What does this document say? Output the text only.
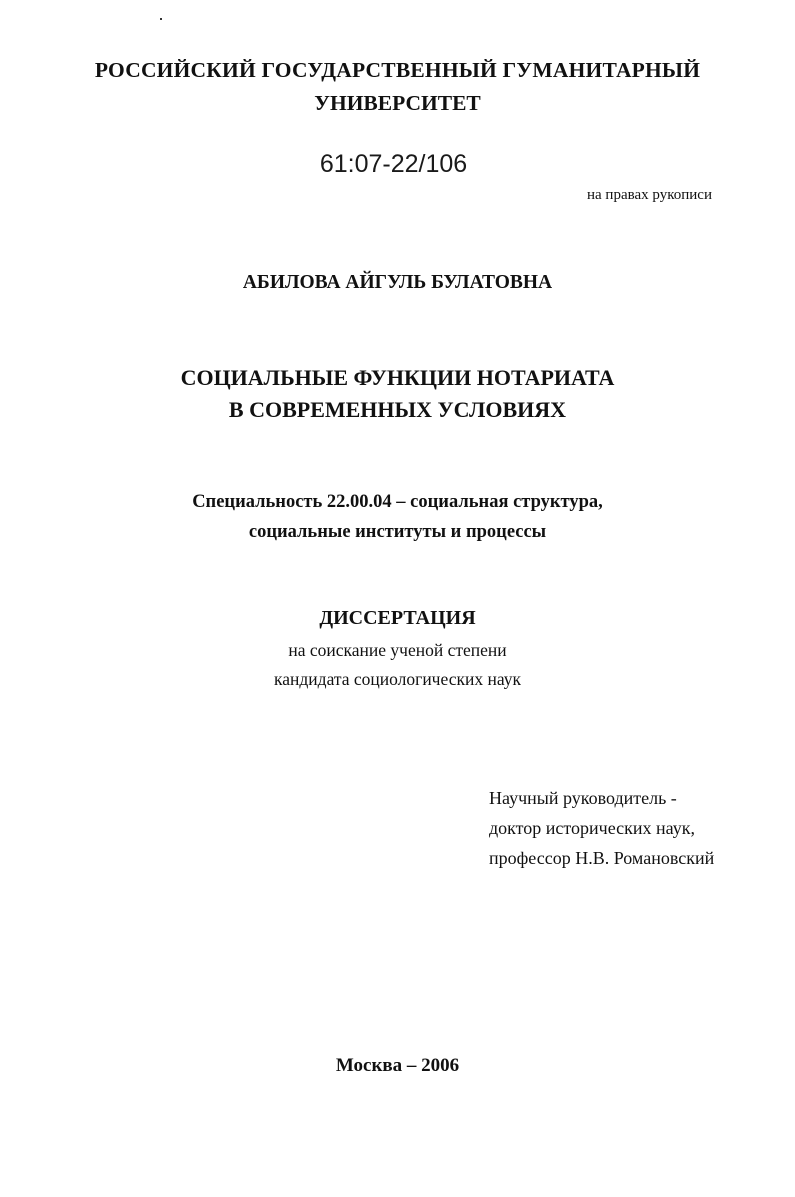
РОССИЙСКИЙ ГОСУДАРСТВЕННЫЙ ГУМАНИТАРНЫЙ
УНИВЕРСИТЕТ
61:07-22/106
на правах рукописи
АБИЛОВА АЙГУЛЬ БУЛАТОВНА
СОЦИАЛЬНЫЕ ФУНКЦИИ НОТАРИАТА
В СОВРЕМЕННЫХ УСЛОВИЯХ
Специальность 22.00.04 – социальная структура,
социальные институты и процессы
ДИССЕРТАЦИЯ
на соискание ученой степени
кандидата социологических наук
Научный руководитель -
доктор исторических наук,
профессор Н.В. Романовский
Москва – 2006
